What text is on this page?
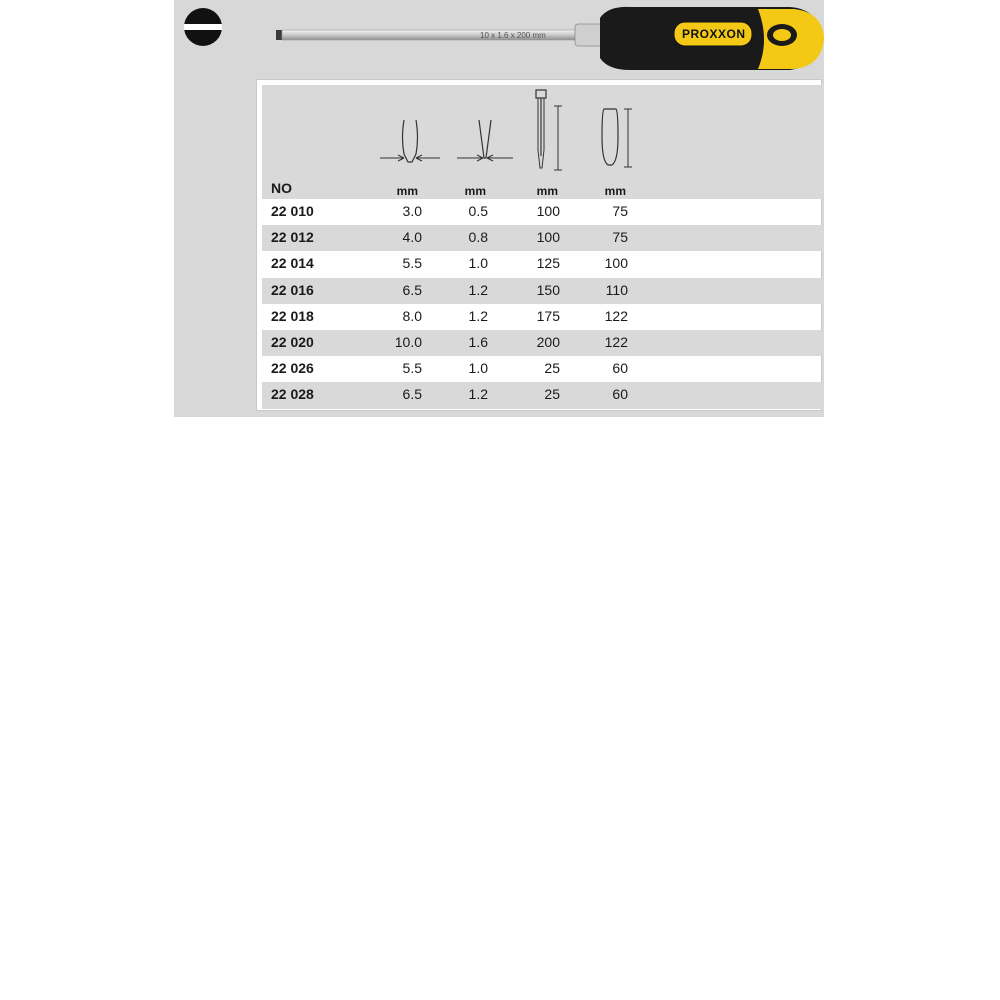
10 x 1.6 x 200 mm	PROXXON
NO	mm	mm	mm	mm
22 010	3.0	0.5	100	75
22 012	4.0	0.8	100	75
22 014	5.5	1.0	125	100
22 016	6.5	1.2	150	110
22 018	8.0	1.2	175	122
22 020	10.0	1.6	200	122
22 026	5.5	1.0	25	60
22 028	6.5	1.2	25	60
